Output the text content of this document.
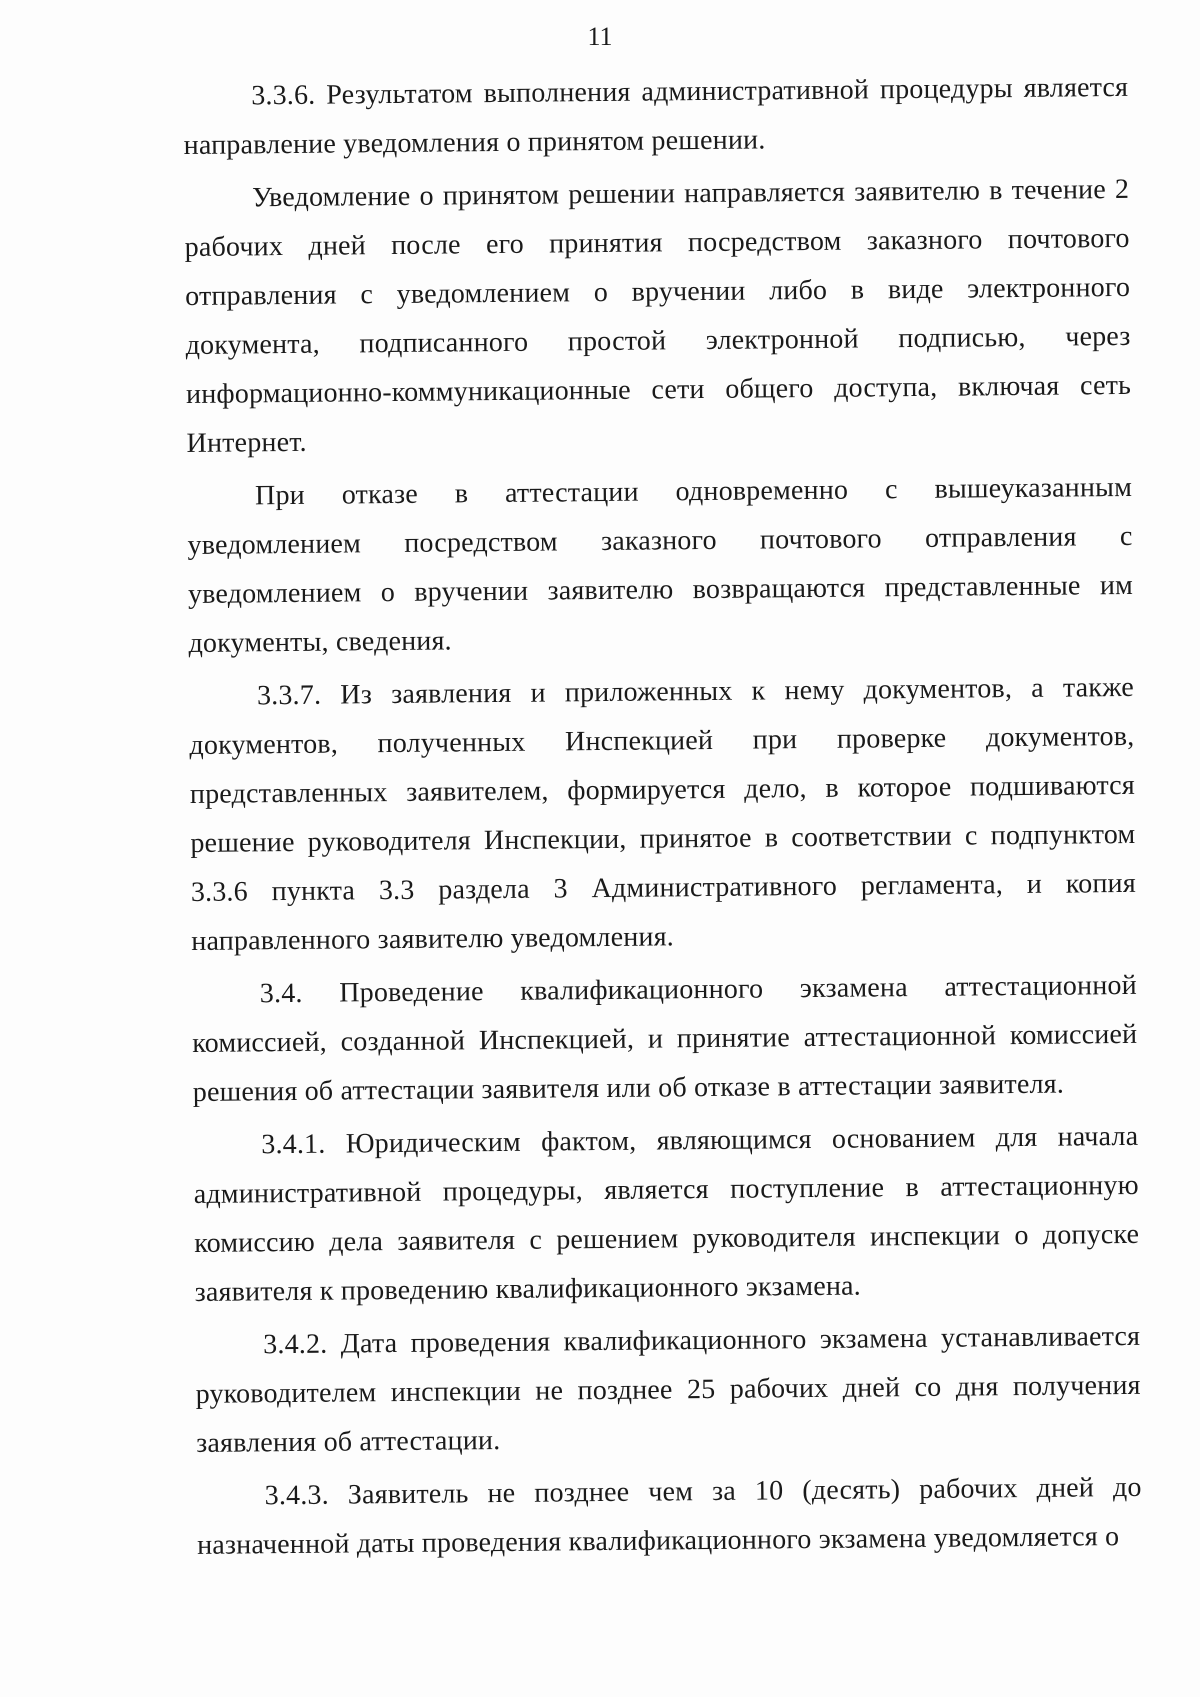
11

3.3.6. Результатом выполнения административной процедуры является направление уведомления о принятом решении.

Уведомление о принятом решении направляется заявителю в течение 2 рабочих дней после его принятия посредством заказного почтового отправления с уведомлением о вручении либо в виде электронного документа, подписанного простой электронной подписью, через информационно-коммуникационные сети общего доступа, включая сеть Интернет.

При отказе в аттестации одновременно с вышеуказанным уведомлением посредством заказного почтового отправления с уведомлением о вручении заявителю возвращаются представленные им документы, сведения.

3.3.7. Из заявления и приложенных к нему документов, а также документов, полученных Инспекцией при проверке документов, представленных заявителем, формируется дело, в которое подшиваются решение руководителя Инспекции, принятое в соответствии с подпунктом 3.3.6 пункта 3.3 раздела 3 Административного регламента, и копия направленного заявителю уведомления.

3.4. Проведение квалификационного экзамена аттестационной комиссией, созданной Инспекцией, и принятие аттестационной комиссией решения об аттестации заявителя или об отказе в аттестации заявителя.

3.4.1. Юридическим фактом, являющимся основанием для начала административной процедуры, является поступление в аттестационную комиссию дела заявителя с решением руководителя инспекции о допуске заявителя к проведению квалификационного экзамена.

3.4.2. Дата проведения квалификационного экзамена устанавливается руководителем инспекции не позднее 25 рабочих дней со дня получения заявления об аттестации.

3.4.3. Заявитель не позднее чем за 10 (десять) рабочих дней до назначенной даты проведения квалификационного экзамена уведомляется о
